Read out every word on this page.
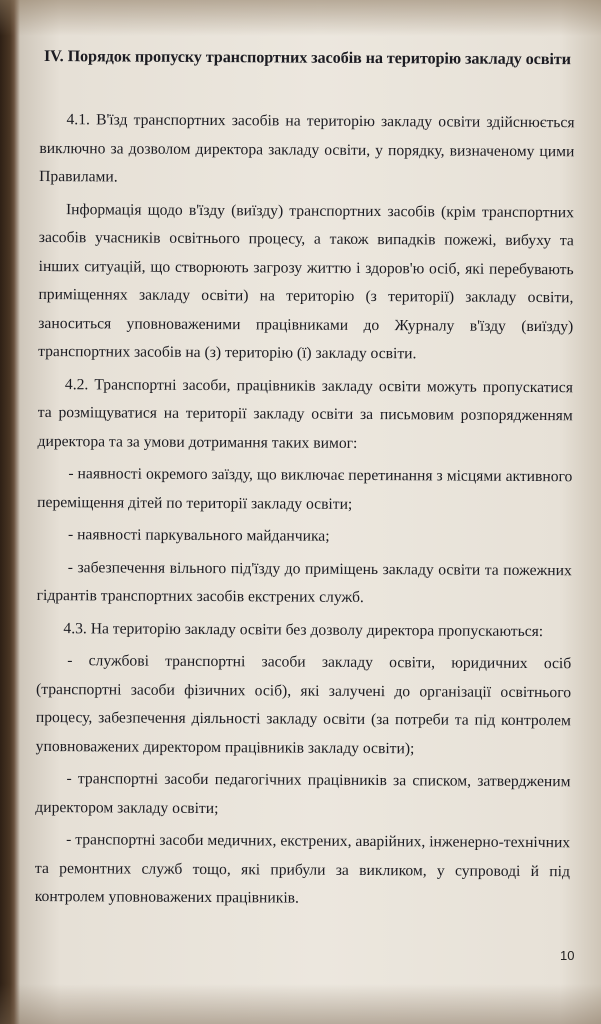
IV. Порядок пропуску транспортних засобів на територію закладу освіти

4.1. В'їзд транспортних засобів на територію закладу освіти здійснюється виключно за дозволом директора закладу освіти, у порядку, визначеному цими Правилами.

Інформація щодо в'їзду (виїзду) транспортних засобів (крім транспортних засобів учасників освітнього процесу, а також випадків пожежі, вибуху та інших ситуацій, що створюють загрозу життю і здоров'ю осіб, які перебувають приміщеннях закладу освіти) на територію (з території) закладу освіти, заноситься уповноваженими працівниками до Журналу в'їзду (виїзду) транспортних засобів на (з) територію (ї) закладу освіти.

4.2. Транспортні засоби, працівників закладу освіти можуть пропускатися та розміщуватися на території закладу освіти за письмовим розпорядженням директора та за умови дотримання таких вимог:

- наявності окремого заїзду, що виключає перетинання з місцями активного переміщення дітей по території закладу освіти;

- наявності паркувального майданчика;

- забезпечення вільного під'їзду до приміщень закладу освіти та пожежних гідрантів транспортних засобів екстрених служб.

4.3. На територію закладу освіти без дозволу директора пропускаються:

- службові транспортні засоби закладу освіти, юридичних осіб (транспортні засоби фізичних осіб), які залучені до організації освітнього процесу, забезпечення діяльності закладу освіти (за потреби та під контролем уповноважених директором працівників закладу освіти);

- транспортні засоби педагогічних працівників за списком, затвердженим директором закладу освіти;

- транспортні засоби медичних, екстрених, аварійних, інженерно-технічних та ремонтних служб тощо, які прибули за викликом, у супроводі й під контролем уповноважених працівників.

10
